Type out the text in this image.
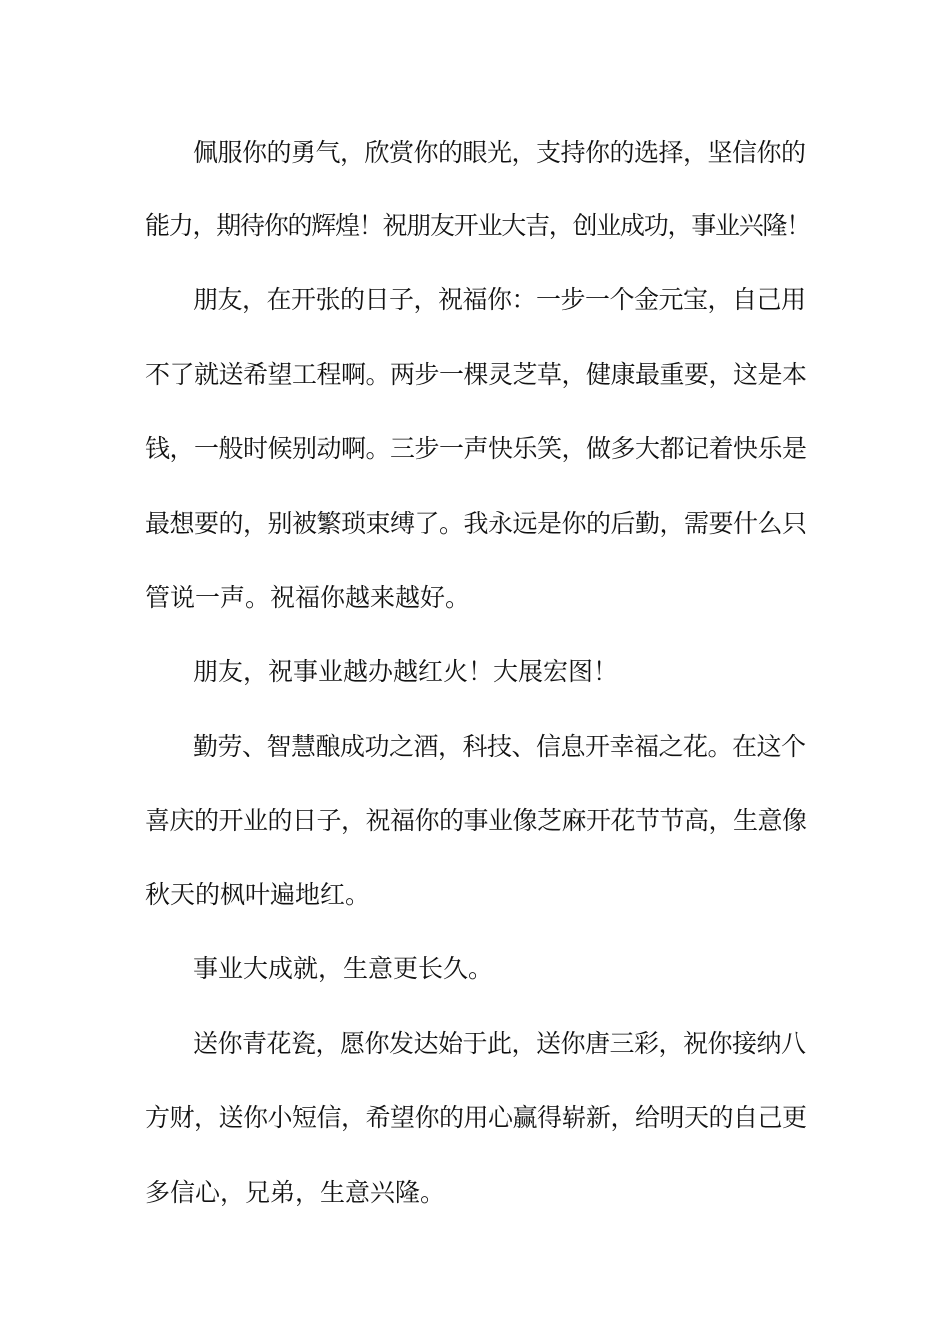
佩服你的勇气，欣赏你的眼光，支持你的选择，坚信你的

能力，期待你的辉煌！祝朋友开业大吉，创业成功，事业兴隆！

朋友，在开张的日子，祝福你：一步一个金元宝，自己用

不了就送希望工程啊。两步一棵灵芝草，健康最重要，这是本

钱，一般时候别动啊。三步一声快乐笑，做多大都记着快乐是

最想要的，别被繁琐束缚了。我永远是你的后勤，需要什么只

管说一声。祝福你越来越好。

朋友，祝事业越办越红火！大展宏图！

勤劳、智慧酿成功之酒，科技、信息开幸福之花。在这个

喜庆的开业的日子，祝福你的事业像芝麻开花节节高，生意像

秋天的枫叶遍地红。

事业大成就，生意更长久。

送你青花瓷，愿你发达始于此，送你唐三彩，祝你接纳八

方财，送你小短信，希望你的用心赢得崭新，给明天的自己更

多信心，兄弟，生意兴隆。
